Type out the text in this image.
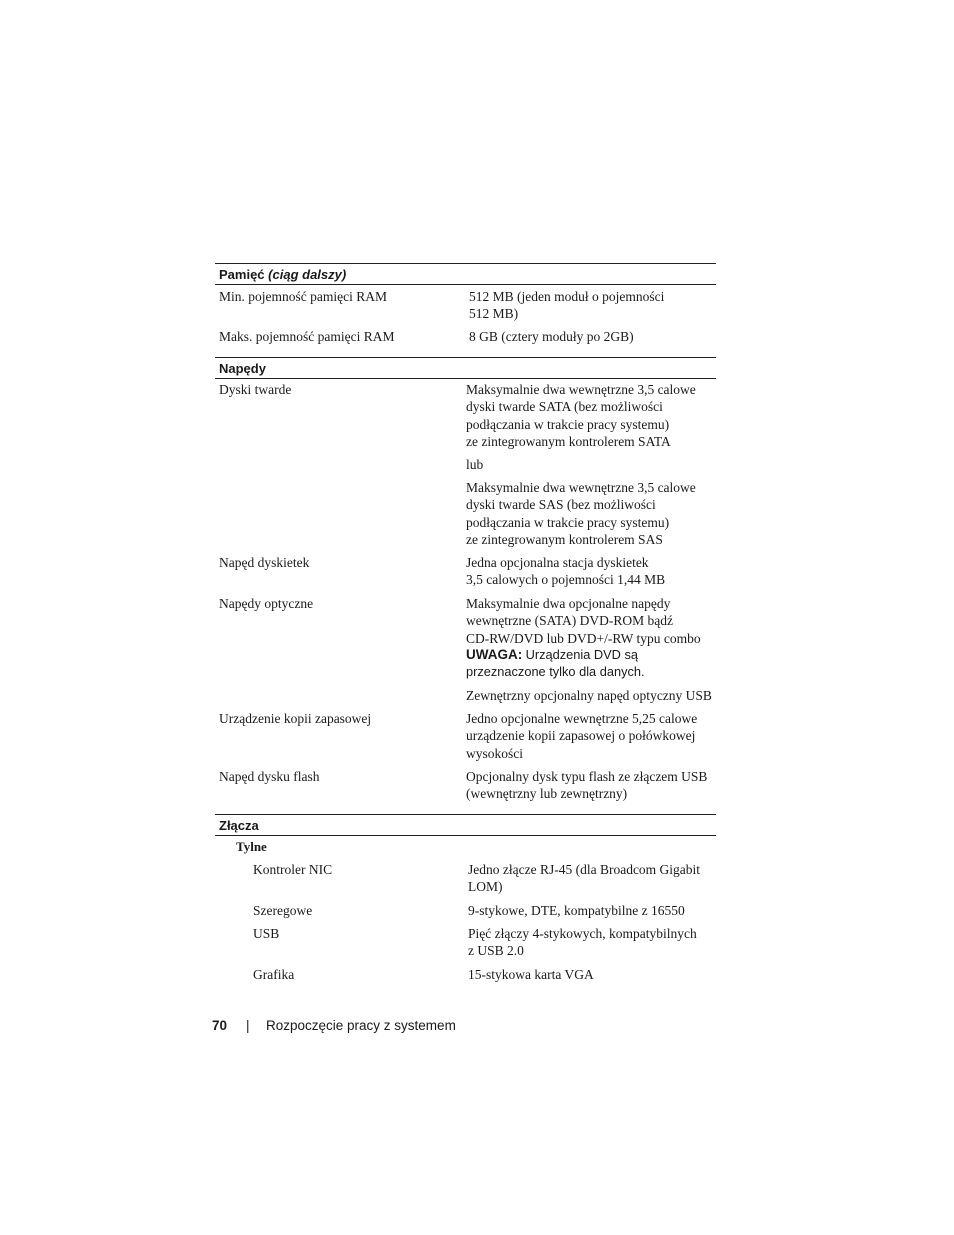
Pamięć (ciąg dalszy)
Min. pojemność pamięci RAM	512 MB (jeden moduł o pojemności
512 MB)
Maks. pojemność pamięci RAM	8 GB (cztery moduły po 2GB)
Napędy
Dyski twarde	Maksymalnie dwa wewnętrzne 3,5 calowe
dyski twarde SATA (bez możliwości
podłączania w trakcie pracy systemu)
ze zintegrowanym kontrolerem SATA
lub
Maksymalnie dwa wewnętrzne 3,5 calowe
dyski twarde SAS (bez możliwości
podłączania w trakcie pracy systemu)
ze zintegrowanym kontrolerem SAS
Napęd dyskietek	Jedna opcjonalna stacja dyskietek
3,5 calowych o pojemności 1,44 MB
Napędy optyczne	Maksymalnie dwa opcjonalne napędy
wewnętrzne (SATA) DVD-ROM bądź
CD-RW/DVD lub DVD+/-RW typu combo
UWAGA: Urządzenia DVD są
przeznaczone tylko dla danych.
Zewnętrzny opcjonalny napęd optyczny USB
Urządzenie kopii zapasowej	Jedno opcjonalne wewnętrzne 5,25 calowe
urządzenie kopii zapasowej o połówkowej
wysokości
Napęd dysku flash	Opcjonalny dysk typu flash ze złączem USB
(wewnętrzny lub zewnętrzny)
Złącza
Tylne
Kontroler NIC	Jedno złącze RJ-45 (dla Broadcom Gigabit
LOM)
Szeregowe	9-stykowe, DTE, kompatybilne z 16550
USB	Pięć złączy 4-stykowych, kompatybilnych
z USB 2.0
Grafika	15-stykowa karta VGA
70 | Rozpoczęcie pracy z systemem
